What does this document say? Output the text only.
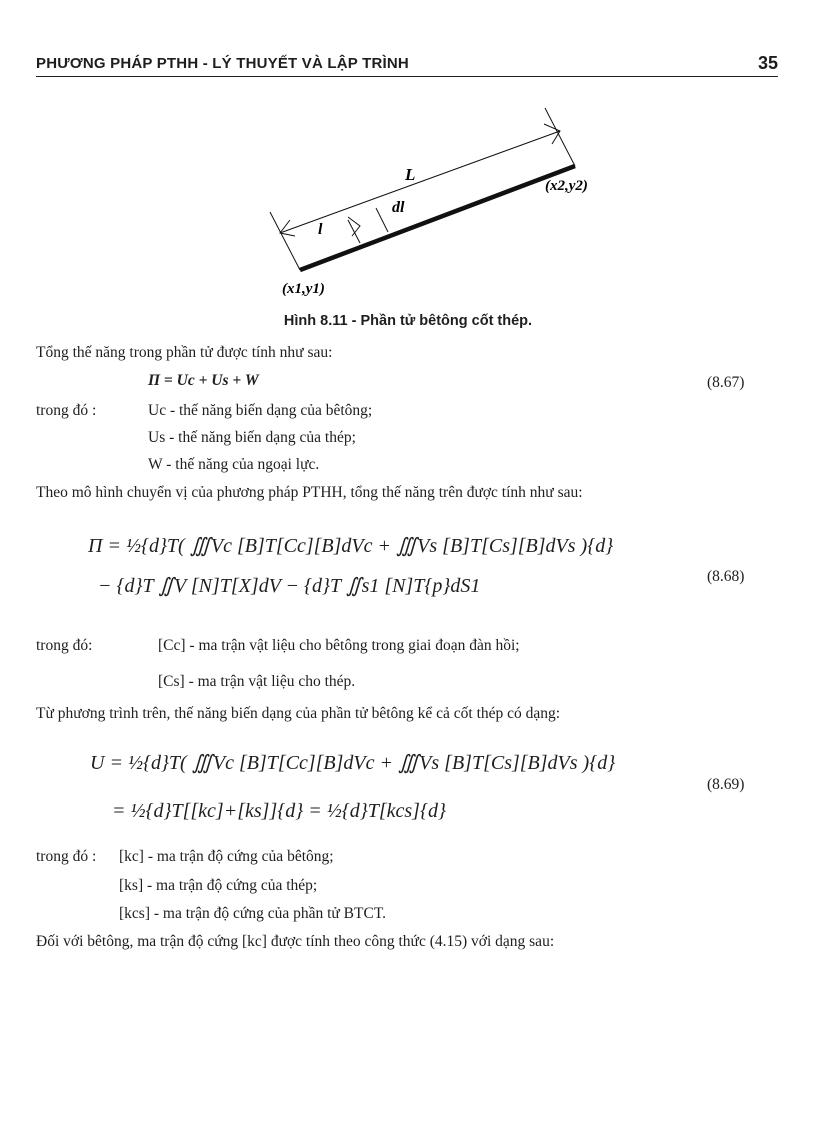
PHƯƠNG PHÁP PTHH - LÝ THUYẾT VÀ LẬP TRÌNH	35
L
dl
l
(x2,y2)
(x1,y1)
Hình 8.11 - Phần tử bêtông cốt thép.
Tổng thế năng trong phần tử được tính như sau:
Π = Uc + Us + W	(8.67)
trong đó :	Uc - thế năng biến dạng của bêtông;
Us - thế năng biến dạng của thép;
W - thế năng của ngoại lực.
Theo mô hình chuyển vị của phương pháp PTHH, tổng thế năng trên được tính như sau:
Π = ½{d}T( ∭Vc [B]T[Cc][B]dVc + ∭Vs [B]T[Cs][B]dVs ){d}
− {d}T ∬V [N]T[X]dV − {d}T ∬s1 [N]T{p}dS1	(8.68)
trong đó:	[Cc] - ma trận vật liệu cho bêtông trong giai đoạn đàn hồi;
[Cs] - ma trận vật liệu cho thép.
Từ phương trình trên, thế năng biến dạng của phần tử bêtông kể cả cốt thép có dạng:
U = ½{d}T( ∭Vc [B]T[Cc][B]dVc + ∭Vs [B]T[Cs][B]dVs ){d}
= ½{d}T[[kc]+[ks]]{d} = ½{d}T[kcs]{d}
(8.69)
trong đó : [kc] - ma trận độ cứng của bêtông;
[ks] - ma trận độ cứng của thép;
[kcs] - ma trận độ cứng của phần tử BTCT.
Đối với bêtông, ma trận độ cứng [kc] được tính theo công thức (4.15) với dạng sau:
